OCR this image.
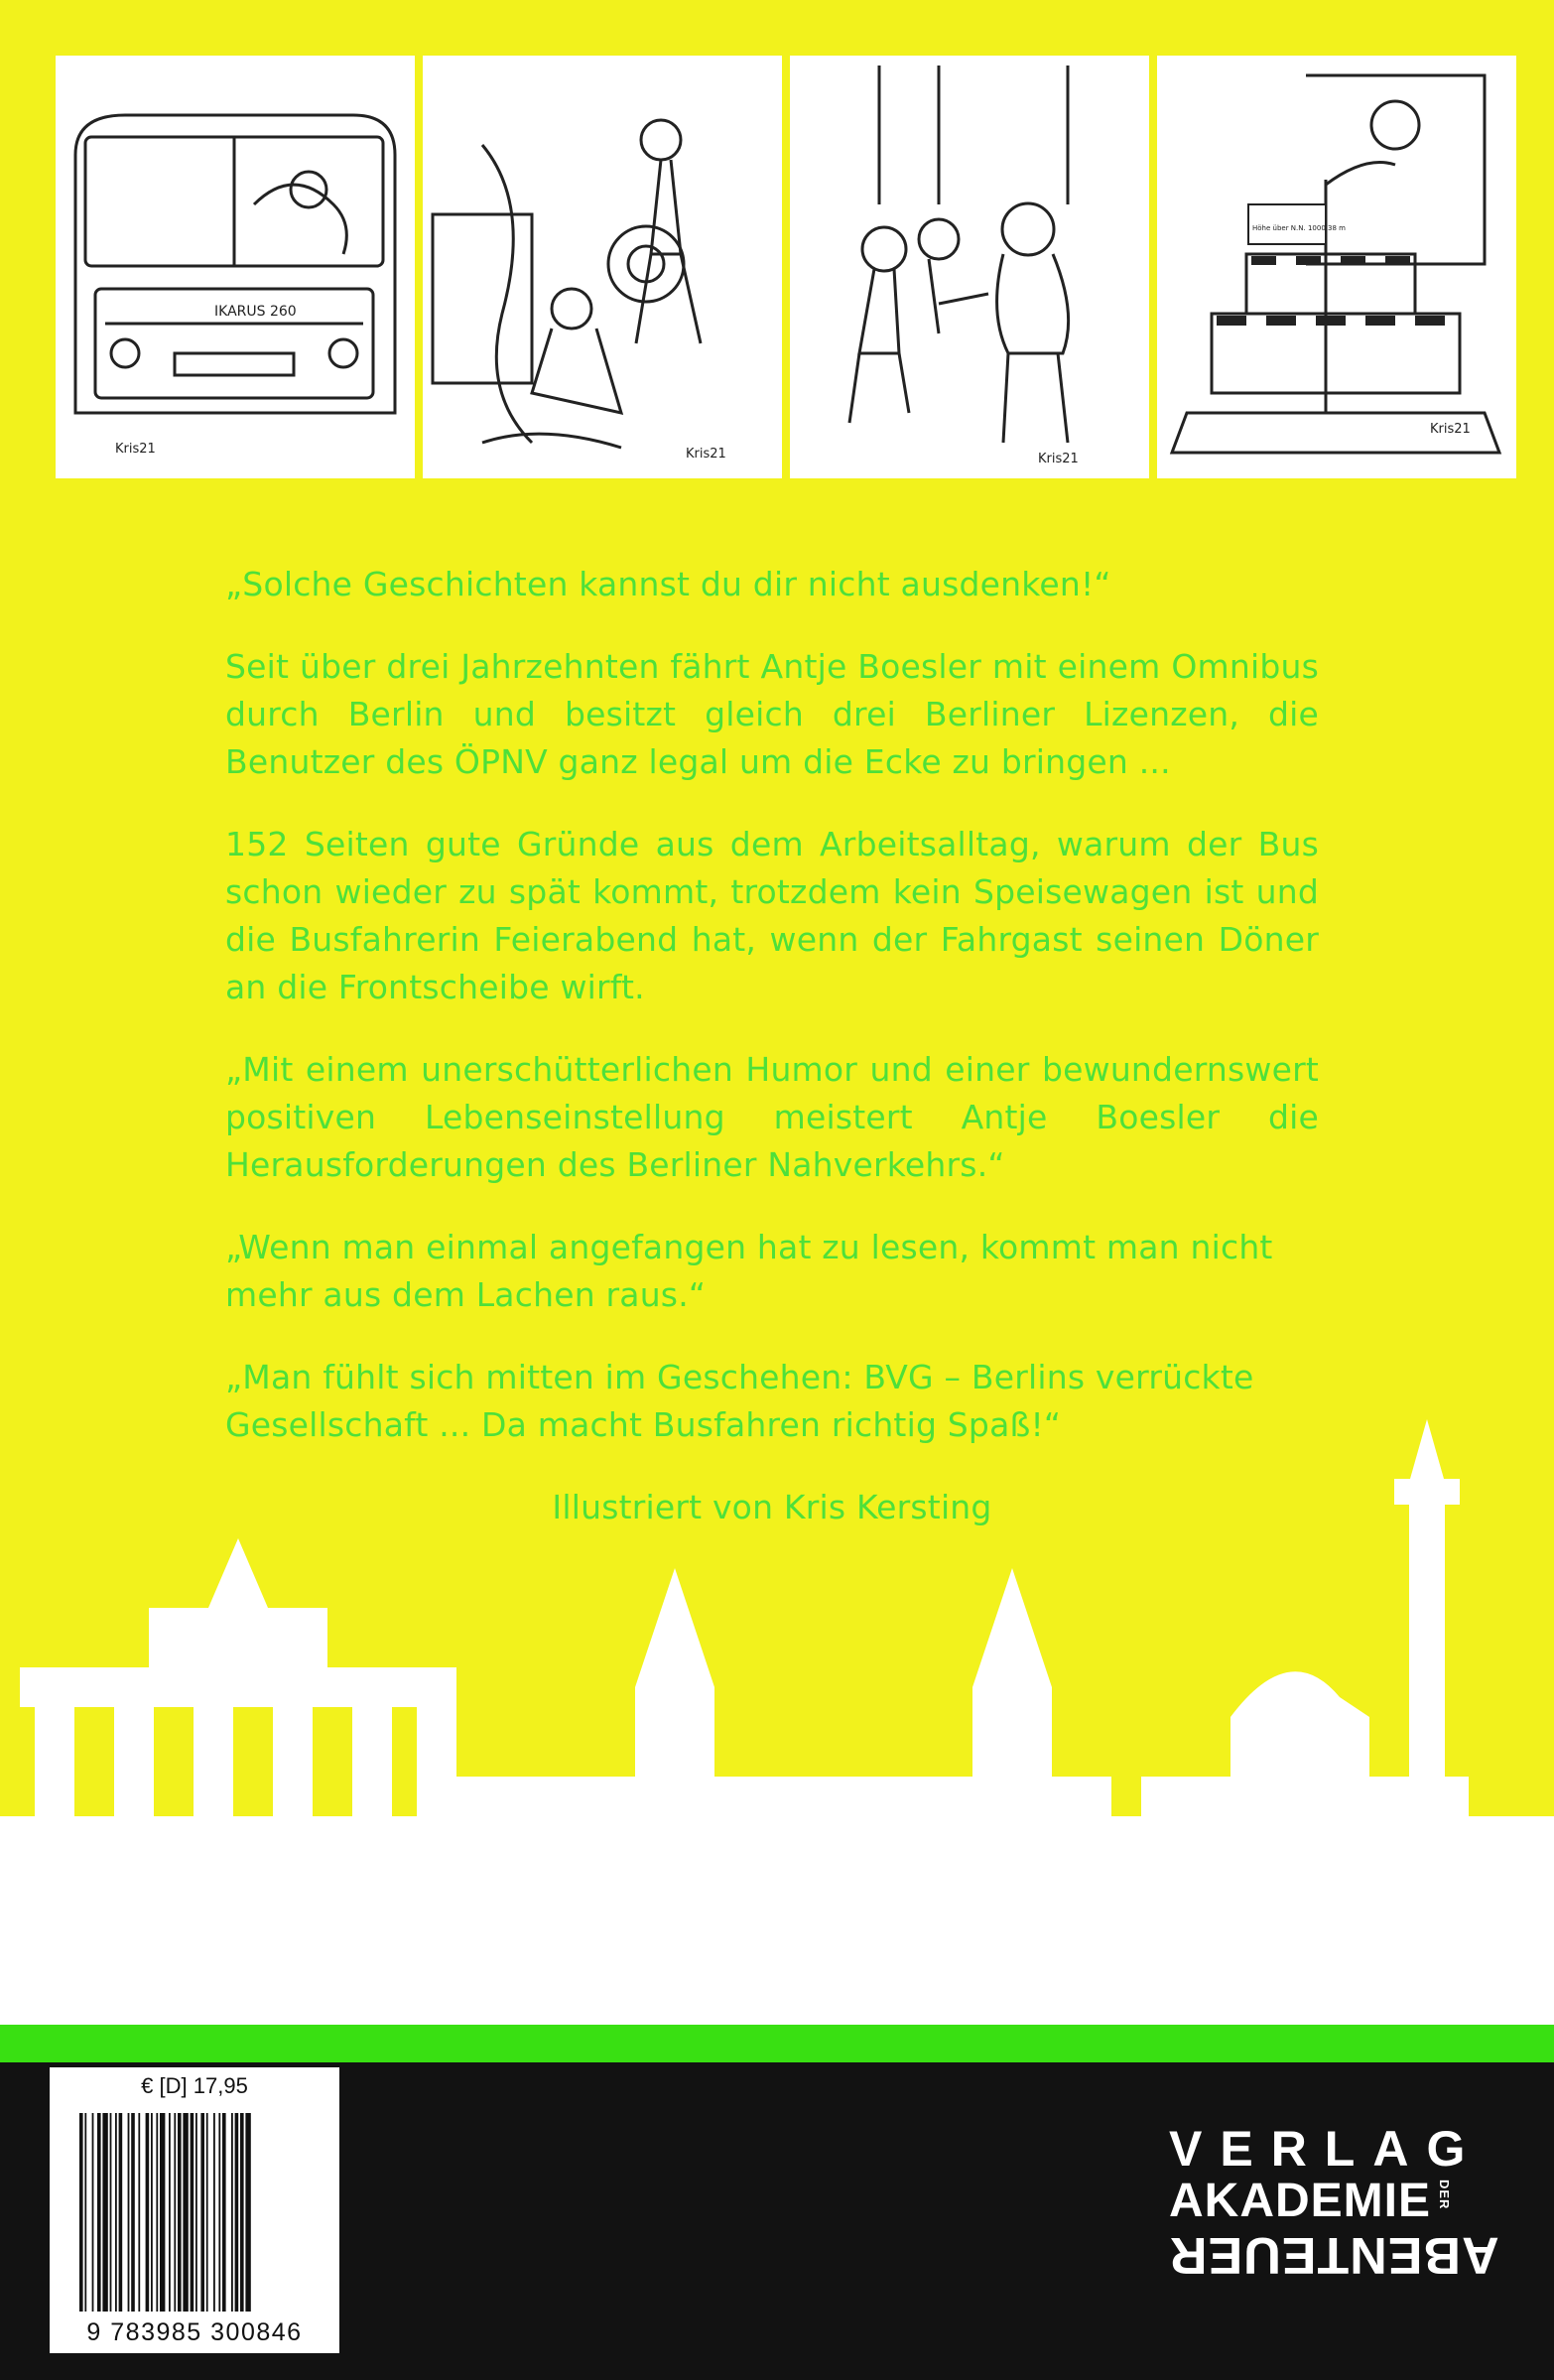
IKARUS 260
Kris21	Kris21	Kris21
Höhe über N.N. 1000,38 m
Kris21

„Solche Geschichten kannst du dir nicht ausdenken!“

Seit über drei Jahrzehnten fährt Antje Boesler mit einem Omnibus durch Berlin und besitzt gleich drei Berliner Lizenzen, die Benutzer des ÖPNV ganz legal um die Ecke zu bringen ...

152 Seiten gute Gründe aus dem Arbeitsalltag, warum der Bus schon wieder zu spät kommt, trotzdem kein Speisewagen ist und die Busfahrerin Feierabend hat, wenn der Fahrgast seinen Döner an die Frontscheibe wirft.

„Mit einem unerschütterlichen Humor und einer bewundernswert positiven Lebenseinstellung meistert Antje Boesler die Herausforderungen des Berliner Nahverkehrs.“

„Wenn man einmal angefangen hat zu lesen, kommt man nicht mehr aus dem Lachen raus.“

„Man fühlt sich mitten im Geschehen: BVG – Berlins verrückte Gesellschaft ... Da macht Busfahren richtig Spaß!“

Illustriert von Kris Kersting

€ [D] 17,95
9 783985 300846
VERLAG
AKADEMIE DER
ABENTEUER
